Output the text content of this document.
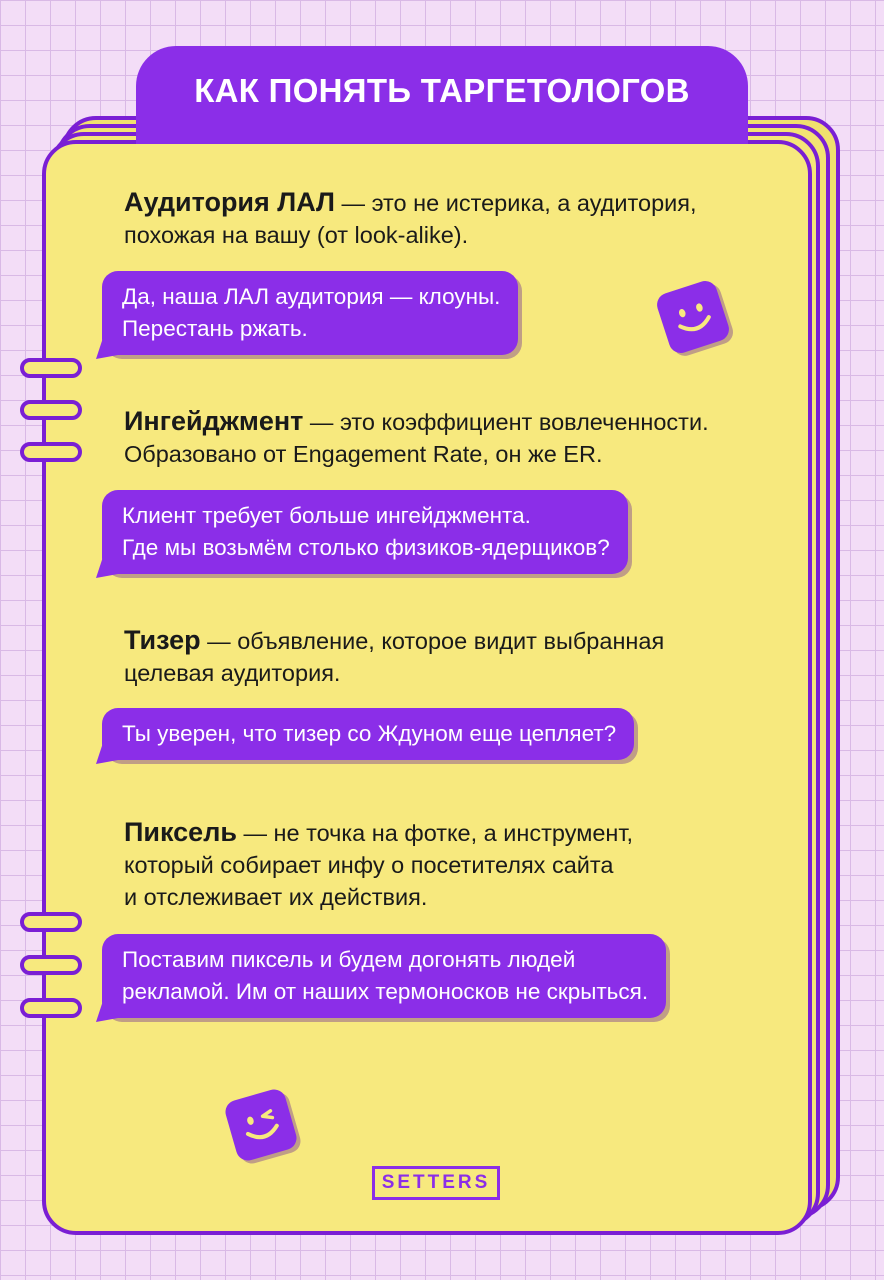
КАК ПОНЯТЬ ТАРГЕТОЛОГОВ
Аудитория ЛАЛ — это не истерика, а аудитория,
похожая на вашу (от look-alike).
Да, наша ЛАЛ аудитория — клоуны.
Перестань ржать.
Ингейджмент — это коэффициент вовлеченности.
Образовано от Engagement Rate, он же ER.
Клиент требует больше ингейджмента.
Где мы возьмём столько физиков-ядерщиков?
Тизер — объявление, которое видит выбранная
целевая аудитория.
Ты уверен, что тизер со Ждуном еще цепляет?
Пиксель — не точка на фотке, а инструмент,
который собирает инфу о посетителях сайта
и отслеживает их действия.
Поставим пиксель и будем догонять людей
рекламой. Им от наших термоносков не скрыться.
SETTERS
